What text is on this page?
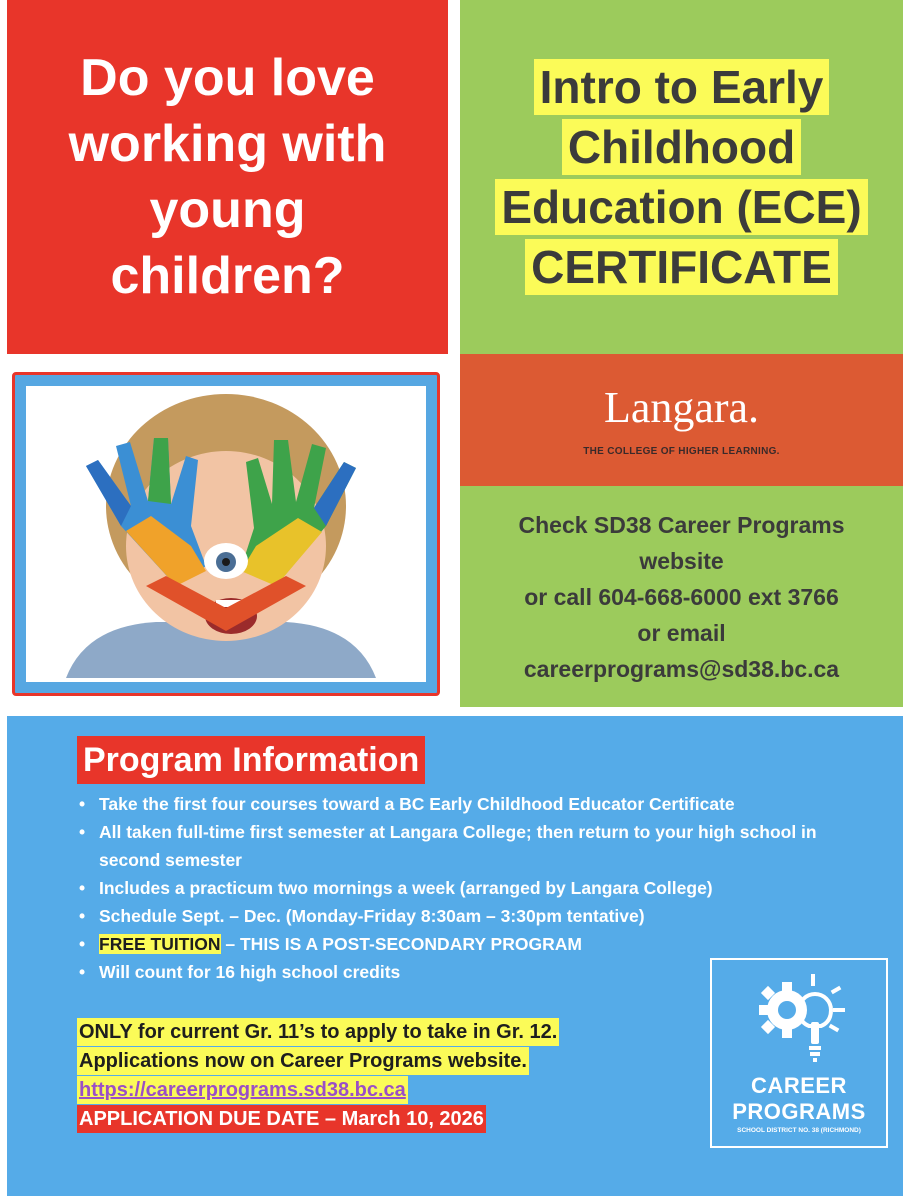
Do you love
working with
young
children?
Intro to Early
Childhood
Education (ECE)
CERTIFICATE
Langara.
THE COLLEGE OF HIGHER LEARNING.
Check SD38 Career Programs
website
or call 604-668-6000 ext 3766
or email
careerprograms@sd38.bc.ca
Program Information
• Take the first four courses toward a BC Early Childhood Educator Certificate
• All taken full-time first semester at Langara College; then return to your high school in second semester
• Includes a practicum two mornings a week (arranged by Langara College)
• Schedule Sept. – Dec. (Monday-Friday 8:30am – 3:30pm tentative)
• FREE TUITION – THIS IS A POST-SECONDARY PROGRAM
• Will count for 16 high school credits
ONLY for current Gr. 11’s to apply to take in Gr. 12.
Applications now on Career Programs website.
https://careerprograms.sd38.bc.ca
APPLICATION DUE DATE – March 10, 2026
CAREER
PROGRAMS
SCHOOL DISTRICT NO. 38 (RICHMOND)
